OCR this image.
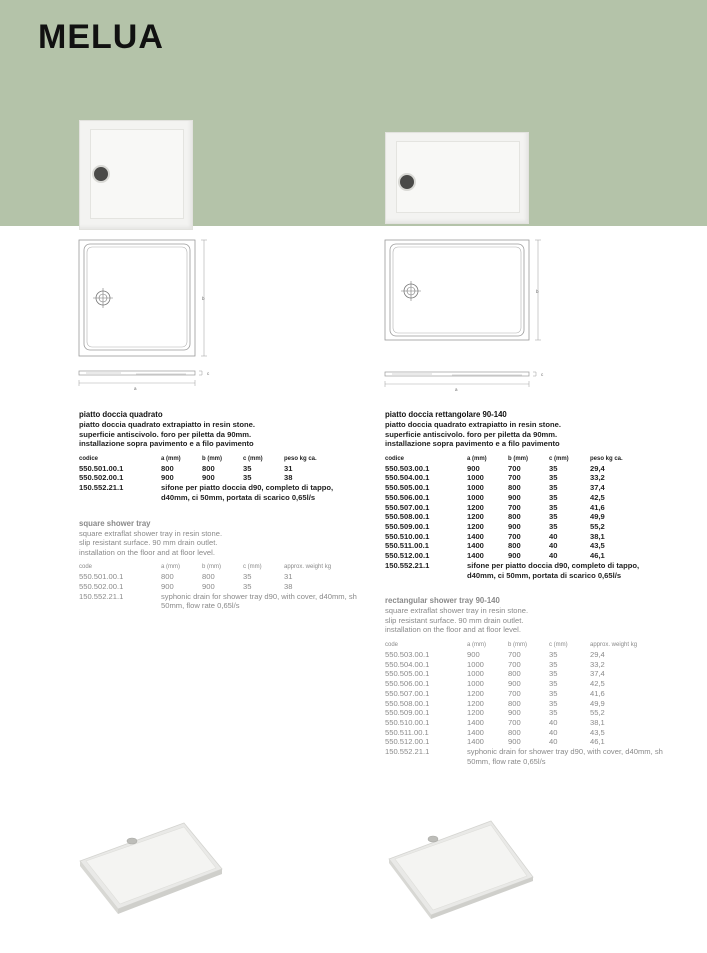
MELUA
b
c
a
b
c
a

piatto doccia quadrato

piatto doccia quadrato extrapiatto in resin stone.

superficie antiscivolo. foro per piletta da 90mm.

installazione sopra pavimento e a filo pavimento

codice	a (mm)	b (mm)	c (mm)	peso kg ca.
550.501.00.1	800	800	35	31
550.502.00.1	900	900	35	38
150.552.21.1	sifone per piatto doccia d90, completo di tappo, d40mm, ci 50mm, portata di scarico 0,65l/s			

square shower tray

square extraflat shower tray in resin stone.

slip resistant surface. 90 mm drain outlet.

installation on the floor and at floor level.

code	a (mm)	b (mm)	c (mm)	approx. weight kg
550.501.00.1	800	800	35	31
550.502.00.1	900	900	35	38
150.552.21.1	syphonic drain for shower tray d90, with cover, d40mm, sh 50mm, flow rate 0,65l/s			

piatto doccia rettangolare 90-140

piatto doccia quadrato extrapiatto in resin stone.

superficie antiscivolo. foro per piletta da 90mm.

installazione sopra pavimento e a filo pavimento

codice	a (mm)	b (mm)	c (mm)	peso kg ca.
550.503.00.1	900	700	35	29,4
550.504.00.1	1000	700	35	33,2
550.505.00.1	1000	800	35	37,4
550.506.00.1	1000	900	35	42,5
550.507.00.1	1200	700	35	41,6
550.508.00.1	1200	800	35	49,9
550.509.00.1	1200	900	35	55,2
550.510.00.1	1400	700	40	38,1
550.511.00.1	1400	800	40	43,5
550.512.00.1	1400	900	40	46,1
150.552.21.1	sifone per piatto doccia d90, completo di tappo, d40mm, ci 50mm, portata di scarico 0,65l/s			

rectangular shower tray 90-140

square extraflat shower tray in resin stone.

slip resistant surface. 90 mm drain outlet.

installation on the floor and at floor level.

code	a (mm)	b (mm)	c (mm)	approx. weight kg
550.503.00.1	900	700	35	29,4
550.504.00.1	1000	700	35	33,2
550.505.00.1	1000	800	35	37,4
550.506.00.1	1000	900	35	42,5
550.507.00.1	1200	700	35	41,6
550.508.00.1	1200	800	35	49,9
550.509.00.1	1200	900	35	55,2
550.510.00.1	1400	700	40	38,1
550.511.00.1	1400	800	40	43,5
550.512.00.1	1400	900	40	46,1
150.552.21.1	syphonic drain for shower tray d90, with cover, d40mm, sh 50mm, flow rate 0,65l/s			
